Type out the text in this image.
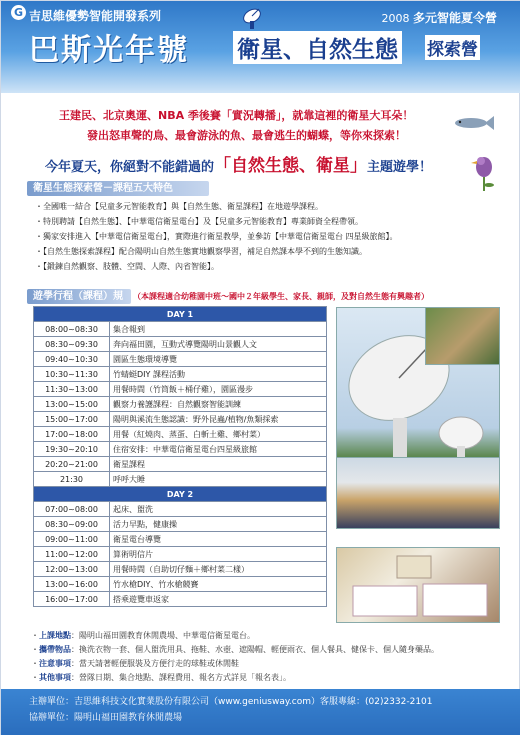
G 吉思維優勢智能開發系列	2008 多元智能夏令營
巴斯光年號 衛星、自然生態 探索營
王建民、北京奧運、NBA 季後賽「實況轉播」，就靠這裡的衛星大耳朵！
發出怒車聲的鳥、最會游泳的魚、最會逃生的蝴蝶，等你來探索！
今年夏天，你絕對不能錯過的「自然生態、衛星」主題遊學！
衛星生態探索營－課程五大特色
・全國唯一結合【兒童多元智能教育】與【自然生態、衛星課程】在地遊學課程。
・特別聘請【自然生態】、【中華電信衛星電台】及【兒童多元智能教育】專業師資全程帶領。
・獨家安排進入【中華電信衛星電台】，實際進行衛星教學，並參訪【中華電信衛星電台 四星級旅館】。
・【自然生態探索課程】配合陽明山自然生態實地觀察學習，補足自然課本學不到的生態知識。
・【鍛鍊自然觀察、肢體、空間、人際、內省智能】。
遊學行程（課程）規	（本課程適合幼稚園中班～國中２年級學生、家長、親師，及對自然生態有興趣者）
DAY 1	
08:00~08:30	集合報到
08:30~09:30	奔向福田園，互動式導覽陽明山景觀人文
09:40~10:30	園區生態環境導覽
10:30~11:30	竹蜻蜓DIY 課程活動
11:30~13:00	用餐時間（竹筒飯＋桶仔雞），園區漫步
13:00~15:00	觀察力養護課程：自然觀察智能訓練
15:00~17:00	陽明與溪流生態認識：野外昆蟲/植物/魚類採索
17:00~18:00	用餐（紅燒肉、蒸蛋、白斬土雞、鄉村菜）
19:30~20:10	住宿安排：中華電信衛星電台四星級旅館
20:20~21:00	衛星課程
21:30	呼呼大睡
DAY 2	
07:00~08:00	起床、盥洗
08:30~09:00	活力早點，健康操
09:00~11:00	衛星電台導覽
11:00~12:00	算術明信片
12:00~13:00	用餐時間（自助切仔麵＋鄉村菜二樣）
13:00~16:00	竹水槍DIY、竹水槍競賽
16:00~17:00	搭乘遊覽車返家
・上課地點：陽明山福田園教育休閒農場、中華電信衛星電台。
・攜帶物品：換洗衣物一套、個人盥洗用具、拖鞋、水壺、遮陽帽、輕便雨衣、個人餐具、健保卡、個人隨身藥品。
・注意事項：當天請著輕便服裝及方便行走的球鞋或休閒鞋
・其他事項：營隊日期、集合地點、課程費用、報名方式詳見「報名表」。
主辦單位：吉思維科技文化實業股份有限公司（www.geniusway.com）客服專線：(02)2332-2101
協辦單位：陽明山福田園教育休閒農場
